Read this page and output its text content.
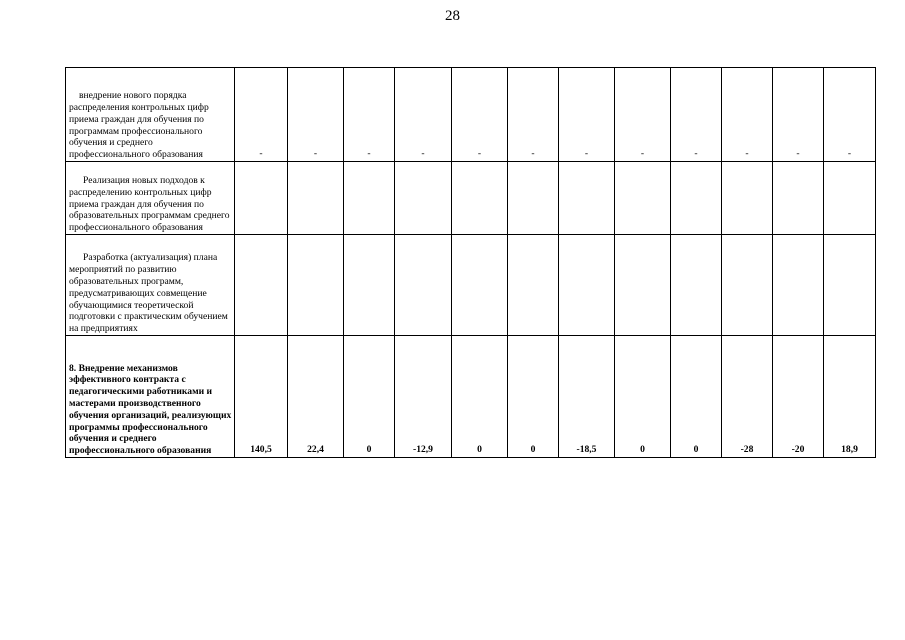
28
внедрение нового порядка распределения контрольных цифр приема граждан для обучения по программам профессионального обучения и среднего профессионального образования	-	-	-	-	-	-	-	-	-	-	-	-

Реализация новых подходов к распределению контрольных цифр приема граждан для обучения по образовательных программам среднего профессионального образования												

Разработка (актуализация) плана мероприятий по развитию образовательных программ, предусматривающих совмещение обучающимися теоретической подготовки с практическим обучением на предприятиях												

8. Внедрение механизмов эффективного контракта с педагогическими работниками и мастерами производственного обучения организаций, реализующих программы профессионального обучения и среднего профессионального образования	140,5	22,4	0	-12,9	0	0	-18,5	0	0	-28	-20	18,9
